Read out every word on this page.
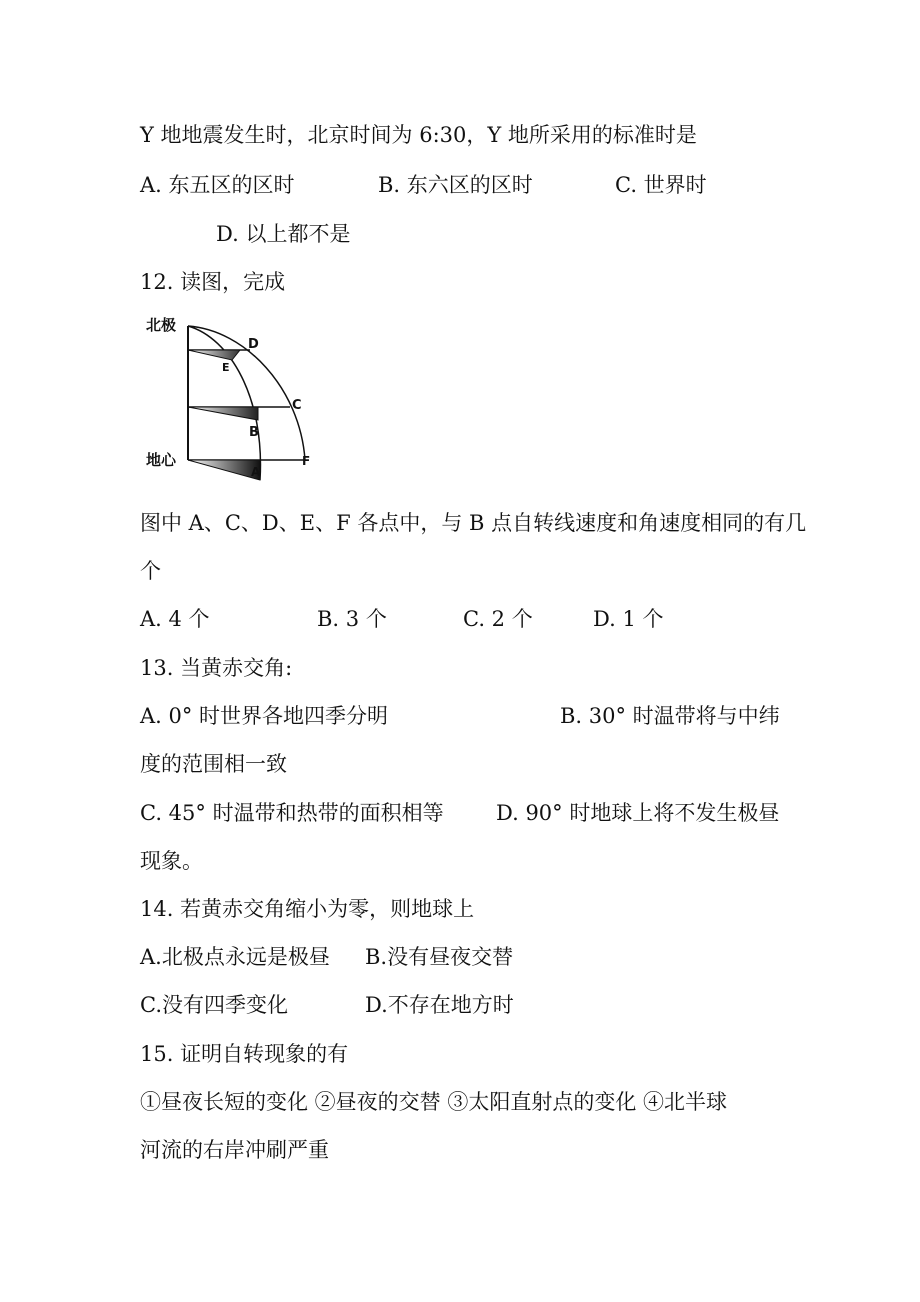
Y 地地震发生时，北京时间为 6:30，Y 地所采用的标准时是
A. 东五区的区时	B. 东六区的区时	C. 世界时
D. 以上都不是
12. 读图，完成
北极
地心
D
E
C
B
A
F
图中 A、C、D、E、F 各点中，与 B 点自转线速度和角速度相同的有几
个
A. 4 个	B. 3 个	C. 2 个	D. 1 个
13. 当黄赤交角:
A. 0° 时世界各地四季分明	B. 30° 时温带将与中纬
度的范围相一致
C. 45° 时温带和热带的面积相等 D. 90° 时地球上将不发生极昼
现象。
14. 若黄赤交角缩小为零，则地球上
A.北极点永远是极昼 B.没有昼夜交替
C.没有四季变化	D.不存在地方时
15. 证明自转现象的有
①昼夜长短的变化 ②昼夜的交替 ③太阳直射点的变化 ④北半球
河流的右岸冲刷严重
